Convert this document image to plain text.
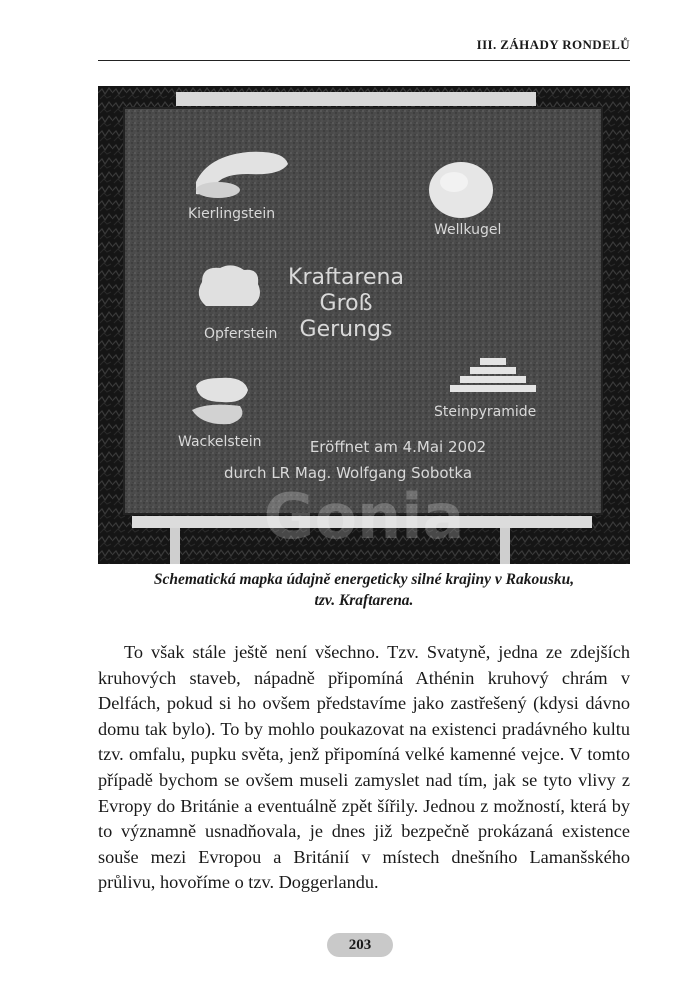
III. ZÁHADY RONDELŮ
Kierlingstein
Wellkugel
Kraftarena
Groß
Gerungs
Opferstein
Steinpyramide
Wackelstein	Eröffnet am 4.Mai 2002
durch LR Mag. Wolfgang Sobotka
Gonia
Schematická mapka údajně energeticky silné krajiny v Rakousku,
tzv. Kraftarena.

To však stále ještě není všechno. Tzv. Svatyně, jedna ze zdejších kruhových staveb, nápadně připomíná Athénin kruhový chrám v Delfách, pokud si ho ovšem představíme jako zastřešený (kdysi dávno domu tak bylo). To by mohlo poukazovat na existenci pradávného kultu tzv. omfalu, pupku světa, jenž připomíná velké kamenné vejce. V tomto případě bychom se ovšem museli zamyslet nad tím, jak se tyto vlivy z Evropy do Británie a eventuálně zpět šířily. Jednou z možností, která by to významně usnadňovala, je dnes již bezpečně prokázaná existence souše mezi Evropou a Británií v místech dnešního Lamanšského průlivu, hovoříme o tzv. Doggerlandu.

203
